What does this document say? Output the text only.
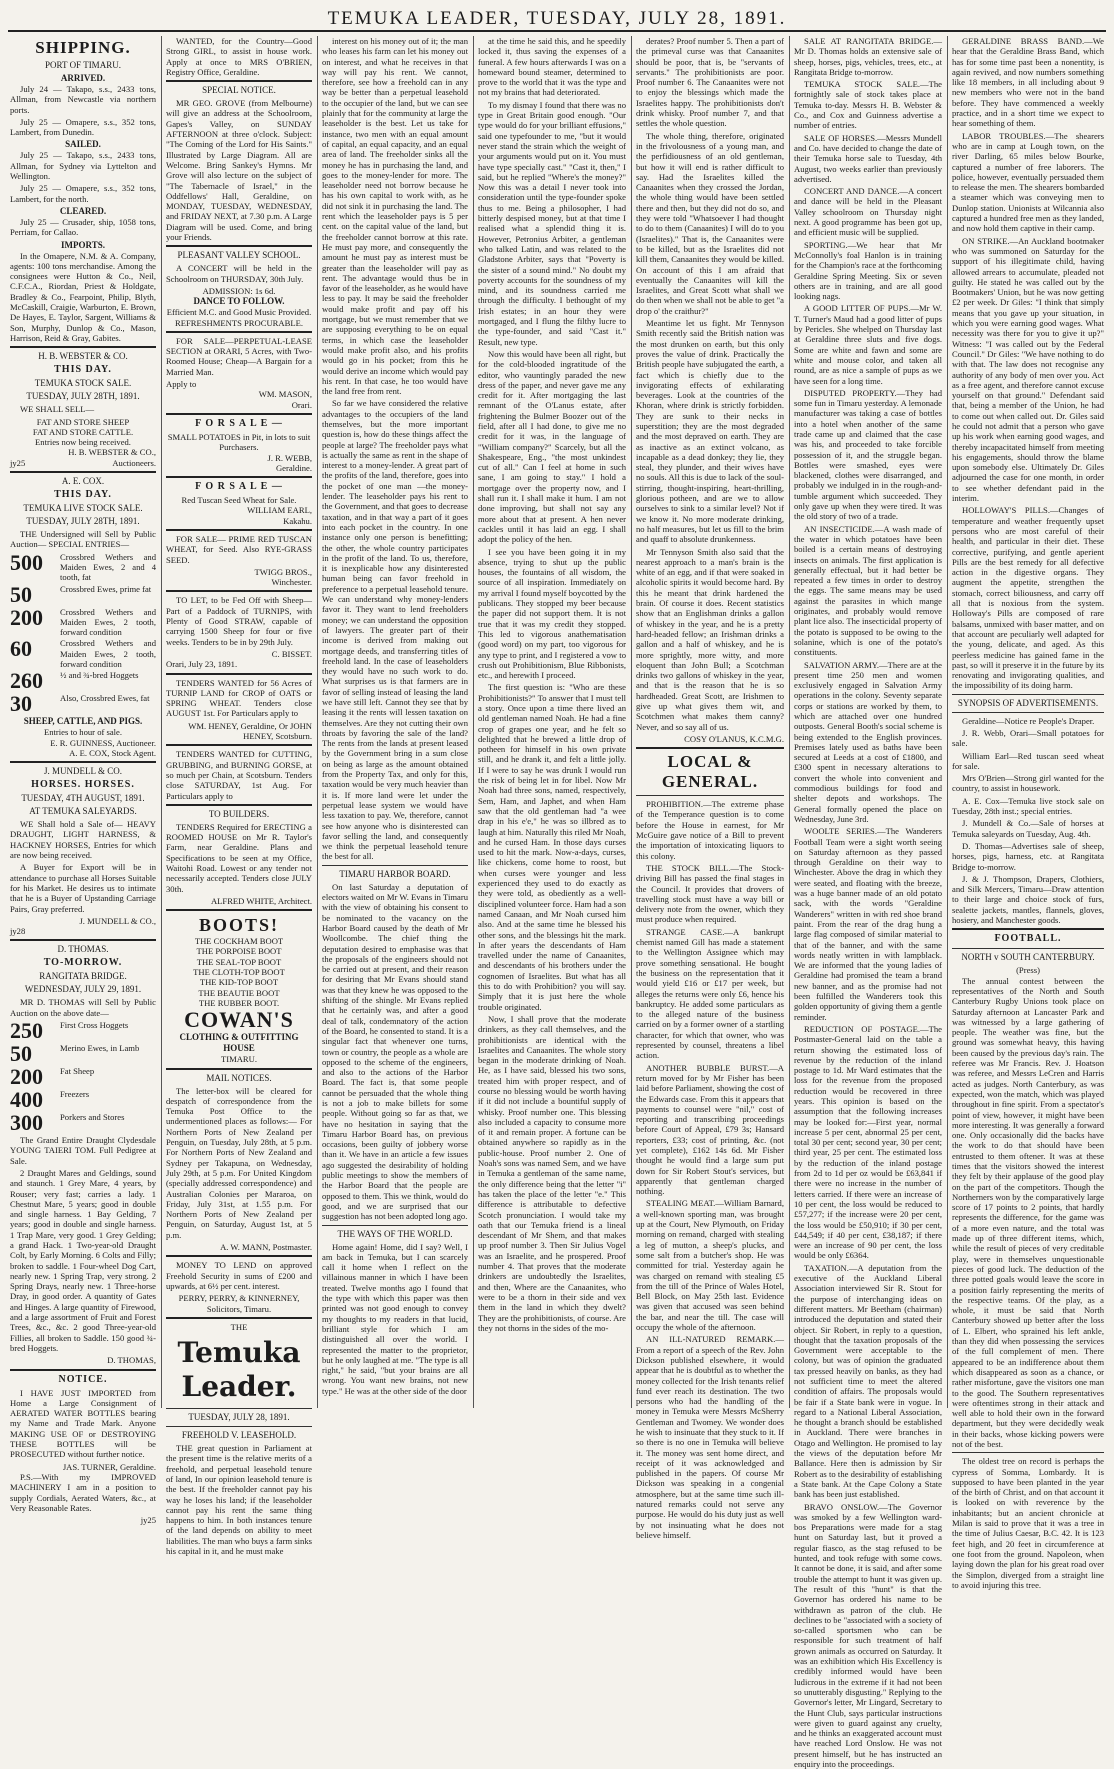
TEMUKA LEADER, TUESDAY, JULY 28, 1891.
SHIPPING.
PORT OF TIMARU.
ARRIVED.
July 24 — Takapo, s.s., 2433 tons, Allman, from Newcastle via northern ports.
July 25 — Omapere, s.s., 352 tons, Lambert, from Dunedin.
SAILED.
July 25 — Takapo, s.s., 2433 tons, Allman, for Sydney via Lyttelton and Wellington.
July 25 — Omapere, s.s., 352 tons, Lambert, for the north.
CLEARED.
July 25 — Crusader, ship, 1058 tons, Perriam, for Callao.
IMPORTS.
In the Omapere, N.M. & A. Company, agents: 100 tons merchandise. Among the consignees were Hutton & Co., Neil, C.F.C.A., Riordan, Priest & Holdgate, Bradley & Co., Fearpoint, Philip, Blyth, McCaskill, Craigie, Warburton, E. Brown, De Hayes, E. Taylor, Sargent, Williams & Son, Murphy, Dunlop & Co., Mason, Harrison, Reid & Gray, Gabites.
H. B. WEBSTER & CO.
THIS DAY.
TEMUKA STOCK SALE.
TUESDAY, JULY 28TH, 1891.
WE SHALL SELL—
FAT AND STORE SHEEP
FAT AND STORE CATTLE.
Entries now being received.
H. B. WEBSTER & CO.,
jy25	Auctioneers.
A. E. COX.
THIS DAY.
TEMUKA LIVE STOCK SALE.
TUESDAY, JULY 28TH, 1891.
THE Undersigned will Sell by Public Auction— SPECIAL ENTRIES—
500	Crossbred Wethers and Maiden Ewes, 2 and 4 tooth, fat
50	Crossbred Ewes, prime fat
200	Crossbred Wethers and Maiden Ewes, 2 tooth, forward condition
60	Crossbred Wethers and Maiden Ewes, 2 tooth, forward condition
260	½ and ¾-bred Hoggets
30	Also, Crossbred Ewes, fat
SHEEP, CATTLE, AND PIGS.
Entries to hour of sale.
E. R. GUINNESS, Auctioneer.
A. E. COX, Stock Agent.
J. MUNDELL & CO.
HORSES. HORSES.
TUESDAY, 4TH AUGUST, 1891.
AT TEMUKA SALEYARDS.
WE Shall hold a Sale of— HEAVY DRAUGHT, LIGHT HARNESS, & HACKNEY HORSES, Entries for which are now being received.
A Buyer for Export will be in attendance to purchase all Horses Suitable for his Market. He desires us to intimate that he is a Buyer of Upstanding Carriage Pairs, Gray preferred.
J. MUNDELL & CO.,
jy28
D. THOMAS.
TO-MORROW.
RANGITATA BRIDGE.
WEDNESDAY, JULY 29, 1891.
MR D. THOMAS will Sell by Public Auction on the above date—
250	First Cross Hoggets
50	Merino Ewes, in Lamb
200	Fat Sheep
400	Freezers
300	Porkers and Stores
The Grand Entire Draught Clydesdale YOUNG TAIERI TOM. Full Pedigree at Sale.
2 Draught Mares and Geldings, sound and staunch. 1 Grey Mare, 4 years, by Rouser; very fast; carries a lady. 1 Chestnut Mare, 5 years; good in double and single harness. 1 Bay Gelding, 7 years; good in double and single harness. 1 Trap Mare, very good. 1 Grey Gelding; a grand Hack. 1 Two-year-old Draught Colt, by Early Morning. 6 Colts and Filly; broken to saddle. 1 Four-wheel Dog Cart, nearly new. 1 Spring Trap, very strong. 2 Spring Drays, nearly new. 1 Three-horse Dray, in good order. A quantity of Gates and Hinges. A large quantity of Firewood, and a large assortment of Fruit and Forest Trees, &c., &c. 2 good Three-year-old Fillies, all broken to Saddle. 150 good ¾-bred Hoggets.
D. THOMAS,
NOTICE.
I HAVE JUST IMPORTED from Home a Large Consignment of AERATED WATER BOTTLES bearing my Name and Trade Mark. Anyone MAKING USE OF or DESTROYING THESE BOTTLES will be PROSECUTED without further notice.
JAS. TURNER, Geraldine.
P.S.—With my IMPROVED MACHINERY I am in a position to supply Cordials, Aerated Waters, &c., at Very Reasonable Rates.
jy25
WANTED, for the Country—Good Strong GIRL, to assist in house work. Apply at once to MRS O'BRIEN, Registry Office, Geraldine.
SPECIAL NOTICE.
MR GEO. GROVE (from Melbourne) will give an address at the Schoolroom, Gapes's Valley, on SUNDAY AFTERNOON at three o'clock. Subject: "The Coming of the Lord for His Saints." Illustrated by Large Diagram. All are Welcome. Bring Sankey's Hymns. Mr Grove will also lecture on the subject of "The Tabernacle of Israel," in the Oddfellows' Hall, Geraldine, on MONDAY, TUESDAY, WEDNESDAY, and FRIDAY NEXT, at 7.30 p.m. A Large Diagram will be used. Come, and bring your Friends.
PLEASANT VALLEY SCHOOL.
A CONCERT will be held in the Schoolroom on THURSDAY, 30th July.
ADMISSION: 1s 6d.
DANCE TO FOLLOW.
Efficient M.C. and Good Music Provided. REFRESHMENTS PROCURABLE.
FOR SALE—PERPETUAL-LEASE SECTION at ORARI, 5 Acres, with Two-Roomed House; Cheap—A Bargain for a Married Man.
Apply to
WM. MASON,
Orari.
F O R S A L E —
SMALL POTATOES in Pit, in lots to suit Purchasers.
J. R. WEBB,
Geraldine.
F O R S A L E —
Red Tuscan Seed Wheat for Sale.
WILLIAM EARL,
Kakahu.
FOR SALE— PRIME RED TUSCAN WHEAT, for Seed. Also RYE-GRASS SEED.
TWIGG BROS.,
Winchester.
TO LET, to be Fed Off with Sheep—Part of a Paddock of TURNIPS, with Plenty of Good STRAW, capable of carrying 1500 Sheep for four or five weeks. Tenders to be in by 29th July.
C. BISSET.
Orari, July 23, 1891.
TENDERS WANTED for 56 Acres of TURNIP LAND for CROP of OATS or SPRING WHEAT. Tenders close AUGUST 1st. For Particulars apply to
WM. HENEY, Geraldine, Or JOHN HENEY, Scotsburn.
TENDERS WANTED for CUTTING, GRUBBING, and BURNING GORSE, at so much per Chain, at Scotsburn. Tenders close SATURDAY, 1st Aug. For Particulars apply to
TO BUILDERS.
TENDERS Required for ERECTING a ROOMED HOUSE on Mr R. Taylor's Farm, near Geraldine. Plans and Specifications to be seen at my Office, Waitohi Road. Lowest or any tender not necessarily accepted. Tenders close JULY 30th.
ALFRED WHITE, Architect.
BOOTS!
THE COCKHAM BOOT
THE PORPOISE BOOT
THE SEAL-TOP BOOT
THE CLOTH-TOP BOOT
THE KID-TOP BOOT
THE BEAUTIE BOOT
THE RUBBER BOOT.
COWAN'S
CLOTHING & OUTFITTING HOUSE
TIMARU.
MAIL NOTICES.
The letter-box will be cleared for despatch of correspondence from the Temuka Post Office to the undermentioned places as follows:— For Northern Ports of New Zealand per Penguin, on Tuesday, July 28th, at 5 p.m. For Northern Ports of New Zealand and Sydney per Takapuna, on Wednesday, July 29th, at 5 p.m. For United Kingdom (specially addressed correspondence) and Australian Colonies per Mararoa, on Friday, July 31st, at 1.55 p.m. For Northern Ports of New Zealand per Penguin, on Saturday, August 1st, at 5 p.m.
A. W. MANN, Postmaster.
MONEY TO LEND on approved Freehold Security in sums of £200 and upwards, at 6½ per cent. interest.
PERRY, PERRY, & KINNERNEY, Solicitors, Timaru.
THE
Temuka Leader.
TUESDAY, JULY 28, 1891.
FREEHOLD V. LEASEHOLD.
THE great question in Parliament at the present time is the relative merits of a freehold, and perpetual leasehold tenure of land, In our opinion leasehold tenure is the best. If the freeholder cannot pay his way he loses his land; if the leaseholder cannot pay his rent the same thing happens to him. In both instances tenure of the land depends on ability to meet liabilities. The man who buys a farm sinks his capital in it, and he must make
interest on his money out of it; the man who leases his farm can let his money out on interest, and what he receives in that way will pay his rent. We cannot, therefore, see how a freehold can in any way be better than a perpetual leasehold to the occupier of the land, but we can see plainly that for the community at large the leaseholder is the best. Let us take for instance, two men with an equal amount of capital, an equal capacity, and an equal area of land. The freeholder sinks all the money he has in purchasing the land, and goes to the money-lender for more. The leaseholder need not borrow because he has his own capital to work with, as he did not sink it in purchasing the land. The rent which the leaseholder pays is 5 per cent. on the capital value of the land, but the freeholder cannot borrow at this rate. He must pay more, and consequently the amount he must pay as interest must be greater than the leaseholder will pay as rent. The advantage would thus be in favor of the leaseholder, as he would have less to pay. It may be said the freeholder would make profit and pay off his mortgage, but we must remember that we are supposing everything to be on equal terms, in which case the leaseholder would make profit also, and his profits would go in his pocket; from this he would derive an income which would pay his rent. In that case, he too would have the land free from rent.
So far we have considered the relative advantages to the occupiers of the land themselves, but the more important question is, how do these things affect the people at large? The freeholder pays what is actually the same as rent in the shape of interest to a money-lender. A great part of the profits of the land, therefore, goes into the pocket of one man —the money-lender. The leaseholder pays his rent to the Government, and that goes to decrease taxation, and in that way a part of it goes into each pocket in the country. In one instance only one person is benefitting; the other, the whole country participates in the profit of the land. To us, therefore, it is inexplicable how any disinterested human being can favor freehold in preference to a perpetual leasehold tenure. We can understand why money-lenders favor it. They want to lend freeholders money; we can understand the opposition of lawyers. The greater part of their income is derived from making out mortgage deeds, and transferring titles of freehold land. In the case of leaseholders they would have no such work to do. What surprises us is that farmers are in favor of selling instead of leasing the land we have still left. Cannot they see that by leasing it the rents will lessen taxation on themselves. Are they not cutting their own throats by favoring the sale of the land? The rents from the lands at present leased by the Government bring in a sum close on being as large as the amount obtained from the Property Tax, and only for this, taxation would be very much heavier than it is. If more land were let under the perpetual lease system we would have less taxation to pay. We, therefore, cannot see how anyone who is disinterested can favor selling the land, and consequently we think the perpetual leasehold tenure the best for all.
TIMARU HARBOR BOARD.
On last Saturday a deputation of electors waited on Mr W. Evans in Timaru with the view of obtaining his consent to be nominated to the vacancy on the Harbor Board caused by the death of Mr Woollcombe. The chief thing the deputation desired to emphasise was that the proposals of the engineers should not be carried out at present, and their reason for desiring that Mr Evans should stand was that they knew he was opposed to the shifting of the shingle. Mr Evans replied that he certainly was, and after a good deal of talk, condemnatory of the action of the Board, he consented to stand. It is a singular fact that whenever one turns, town or country, the people as a whole are opposed to the scheme of the engineers, and also to the actions of the Harbor Board. The fact is, that some people cannot be persuaded that the whole thing is not a job to make billets for some people. Without going so far as that, we have no hesitation in saying that the Timaru Harbor Board has, on previous occasions, been guilty of jobbery worse than it. We have in an article a few issues ago suggested the desirability of holding public meetings to show the members of the Harbor Board that the people are opposed to them. This we think, would do good, and we are surprised that our suggestion has not been adopted long ago.
THE WAYS OF THE WORLD.
Home again! Home, did I say? Well, I am back in Temuka, but I can scarcely call it home when I reflect on the villainous manner in which I have been treated. Twelve months ago I found that the type with which this paper was then printed was not good enough to convey my thoughts to my readers in that lucid, brilliant style for which I am distinguished all over the world. I represented the matter to the proprietor, but he only laughed at me. "The type is all right," he said, "but your brains are all wrong. You want new brains, not new type." He was at the other side of the door
at the time he said this, and he speedily locked it, thus saving the expenses of a funeral. A few hours afterwards I was on a homeward bound steamer, determined to prove to the world that it was the type and not my brains that had deteriorated.
To my dismay I found that there was no type in Great Britain good enough. "Our type would do for your brilliant effusions," said one typefounder to me, "but it would never stand the strain which the weight of your arguments would put on it. You must have type specially cast." "Cast it, then," I said, but he replied "Where's the money?" Now this was a detail I never took into consideration until the type-founder spoke thus to me. Being a philosopher, I had bitterly despised money, but at that time I realised what a splendid thing it is. However, Petronius Arbiter, a gentleman who talked Latin, and was related to the Gladstone Arbiter, says that "Poverty is the sister of a sound mind." No doubt my poverty accounts for the soundness of my mind, and its soundness carried me through the difficulty. I bethought of my Irish estates; in an hour they were mortgaged, and I flung the filthy lucre to the type-founder, and said "Cast it." Result, new type.
Now this would have been all right, but for the cold-blooded ingratitude of the editor, who vauntingly paraded the new dress of the paper, and never gave me any credit for it. After mortgaging the last remnant of the O'Lanus estate, after frightening the Bulmer Boozer out of the field, after all I had done, to give me no credit for it was, in the language of "William company?" Scarcely, but all the Shakespeare, Eng., "the most unkindest cut of all." Can I feel at home in such sane, I am going to stay." I hold a mortgage over the property now, and I shall run it. I shall make it hum. I am not done improving, but shall not say any more about that at present. A hen never cackles until it has laid an egg. I shall adopt the policy of the hen.
I see you have been going it in my absence, trying to shut up the public houses, the fountains of all wisdom, the source of all inspiration. Immediately on my arrival I found myself boycotted by the publicans. They stopped my beer because the paper did not support them. It is not true that it was my credit they stopped. This led to vigorous anathematisation (good word) on my part, too vigorous for any type to print, and I registered a vow to crush out Prohibitionism, Blue Ribbonists, etc., and herewith I proceed.
The first question is: "Who are these Prohibitionists?" To answer that I must tell a story. Once upon a time there lived an old gentleman named Noah. He had a fine crop of grapes one year, and he felt so delighted that he brewed a little drop of potheen for himself in his own private still, and he drank it, and felt a little jolly. If I were to say he was drunk I would run the risk of being let in for libel. Now Mr Noah had three sons, named, respectively, Sem, Ham, and Japhet, and when Ham saw that the old gentleman had "a wee drap in his e'e," he was so illbred as to laugh at him. Naturally this riled Mr Noah, and he cursed Ham. In those days curses used to hit the mark. Now-a-days, curses, like chickens, come home to roost, but when curses were younger and less experienced they used to do exactly as they were told, as obediently as a well-disciplined volunteer force. Ham had a son named Canaan, and Mr Noah cursed him also. And at the same time he blessed his other sons, and the blessings hit the mark. In after years the descendants of Ham travelled under the name of Canaanites, and descendants of his brothers under the cognomen of Israelites. But what has all this to do with Prohibition? you will say. Simply that it is just here the whole trouble originated.
Now, I shall prove that the moderate drinkers, as they call themselves, and the prohibitionists are identical with the Israelites and Canaanites. The whole story began in the moderate drinking of Noah. He, as I have said, blessed his two sons, treated him with proper respect, and of course no blessing would be worth having if it did not include a bountiful supply of whisky. Proof number one. This blessing also included a capacity to consume more of it and remain proper. A fortune can be obtained anywhere so rapidly as in the public-house. Proof number 2. One of Noah's sons was named Sem, and we have in Temuka a gentleman of the same name, the only difference being that the letter "i" has taken the place of the letter "e." This difference is attributable to defective Scotch pronunciation. I would take my oath that our Temuka friend is a lineal descendant of Mr Shem, and that makes up proof number 3. Then Sir Julius Vogel was an Israelite, and he prospered. Proof number 4. That proves that the moderate drinkers are undoubtedly the Israelites, and then, Where are the Canaanites, who were to be a thorn in their side and vex them in the land in which they dwelt? They are the prohibitionists, of course. Are they not thorns in the sides of the mo-
derates? Proof number 5. Then a part of the primeval curse was that Canaanites should be poor, that is, be "servants of servants." The prohibitionists are poor. Proof number 6. The Canaanites were not to enjoy the blessings which made the Israelites happy. The prohibitionists don't drink whisky. Proof number 7, and that settles the whole question.
The whole thing, therefore, originated in the frivolousness of a young man, and the perfidiousness of an old gentleman, but how it will end is rather difficult to say. Had the Israelites killed the Canaanites when they crossed the Jordan, the whole thing would have been settled there and then, but they did not do so, and they were told "Whatsoever I had thought to do to them (Canaanites) I will do to you (Israelites)." That is, the Canaanites were to be killed, but as the Israelites did not kill them, Canaanites they would be killed. On account of this I am afraid that eventually the Canaanites will kill the Israelites, and Great Scott what shall we do then when we shall not be able to get "a drop o' the craithur?"
Meantime let us fight. Mr Tennyson Smith recently said the British nation was the most drunken on earth, but this only proves the value of drink. Practically the British people have subjugated the earth, a fact which is chiefly due to the invigorating effects of exhilarating beverages. Look at the countries of the Khoran, where drink is strictly forbidden. They are sunk to their necks in superstition; they are the most degraded and the most depraved on earth. They are as inactive as an extinct volcano, as incapable as a dead donkey; they lie, they steal, they plunder, and their wives have no souls. All this is due to lack of the soul-stirring, thought-inspiring, heart-thrilling, glorious potheen, and are we to allow ourselves to sink to a similar level? Not if we know it. No more moderate drinking, no half measures, but let us fill to the brim and quaff to absolute drunkenness.
Mr Tennyson Smith also said that the nearest approach to a man's brain is the white of an egg, and if that were soaked in alcoholic spirits it would become hard. By this he meant that drink hardened the brain. Of course it does. Recent statistics show that an Englishman drinks a gallon of whiskey in the year, and he is a pretty hard-headed fellow; an Irishman drinks a gallon and a half of whiskey, and he is more sprightly, more witty, and more eloquent than John Bull; a Scotchman drinks two gallons of whiskey in the year, and that is the reason that he is so hardheaded. Great Scott, are Irishmen to give up what gives them wit, and Scotchmen what makes them canny? Never, and so say all of us.
COSY O'LANUS, K.C.M.G.
LOCAL & GENERAL.
PROHIBITION.—The extreme phase of the Temperance question is to come before the House in earnest, for Mr McGuire gave notice of a Bill to prevent the importation of intoxicating liquors to this colony.
THE STOCK BILL.—The Stock-driving Bill has passed the final stages in the Council. It provides that drovers of travelling stock must have a way bill or delivery note from the owner, which they must produce when required.
STRANGE CASE.—A bankrupt chemist named Gill has made a statement to the Wellington Assignee which may prove something sensational. He bought the business on the representation that it would yield £16 or £17 per week, but alleges the returns were only £6, hence his bankruptcy. He added some particulars as to the alleged nature of the business carried on by a former owner of a startling character, for which that owner, who was represented by counsel, threatens a libel action.
ANOTHER BUBBLE BURST.—A return moved for by Mr Fisher has been laid before Parliament, showing the cost of the Edwards case. From this it appears that payments to counsel were "nil," cost of reporting and transcribing proceedings before Court of Appeal, £79 3s; Hansard reporters, £33; cost of printing, &c. (not yet complete), £162 14s 6d. Mr Fisher thought he would find a large sum put down for Sir Robert Stout's services, but apparently that gentleman charged nothing.
STEALING MEAT.—William Barnard, a well-known sporting man, was brought up at the Court, New Plymouth, on Friday morning on remand, charged with stealing a leg of mutton, a sheep's plucks, and some salt from a butcher's shop. He was committed for trial. Yesterday again he was charged on remand with stealing £5 from the till of the Prince of Wales Hotel, Bell Block, on May 25th last. Evidence was given that accused was seen behind the bar, and near the till. The case will occupy the whole of the afternoon.
AN ILL-NATURED REMARK.—From a report of a speech of the Rev. John Dickson published elsewhere, it would appear that he is doubtful as to whether the money collected for the Irish tenants relief fund ever reach its destination. The two persons who had the handling of the money in Temuka were Messrs McSherry Gentleman and Twomey. We wonder does he wish to insinuate that they stuck to it. If so there is no one in Temuka will believe it. The money was sent home direct, and receipt of it was acknowledged and published in the papers. Of course Mr Dickson was speaking in a congenial atmosphere, but at the same time such ill-natured remarks could not serve any purpose. He would do his duty just as well by not insinuating what he does not believe himself.
SALE AT RANGITATA BRIDGE.—Mr D. Thomas holds an extensive sale of sheep, horses, pigs, vehicles, trees, etc., at Rangitata Bridge to-morrow.
TEMUKA STOCK SALE.—The fortnightly sale of stock takes place at Temuka to-day. Messrs H. B. Webster & Co., and Cox and Guinness advertise a number of entries.
SALE OF HORSES.—Messrs Mundell and Co. have decided to change the date of their Temuka horse sale to Tuesday, 4th August, two weeks earlier than previously advertised.
CONCERT AND DANCE.—A concert and dance will be held in the Pleasant Valley schoolroom on Thursday night next. A good programme has been got up, and efficient music will be supplied.
SPORTING.—We hear that Mr McConnolly's foal Hanlon is in training for the Champion's race at the forthcoming Geraldine Spring Meeting. Six or seven others are in training, and are all good looking nags.
A GOOD LITTER OF PUPS.—Mr W. T. Turner's Maud had a good litter of pups by Pericles. She whelped on Thursday last at Geraldine three sluts and five dogs. Some are white and fawn and some are white and mouse color, and taken all round, are as nice a sample of pups as we have seen for a long time.
DISPUTED PROPERTY.—They had some fun in Timaru yesterday. A lemonade manufacturer was taking a case of bottles into a hotel when another of the same trade came up and claimed that the case was his, and proceeded to take forcible possession of it, and the struggle began. Bottles were smashed, eyes were blackened, clothes were disarranged, and probably we indulged in in the rough-and-tumble argument which succeeded. They only gave up when they were tired. It was the old story of two of a trade.
AN INSECTICIDE.—A wash made of the water in which potatoes have been boiled is a certain means of destroying insects on animals. The first application is generally effectual, but it had better be repeated a few times in order to destroy the eggs. The same means may be used against the parasites in which mange originates, and probably would remove plant lice also. The insecticidal property of the potato is supposed to be owing to the solanine, which is one of the potato's constituents.
SALVATION ARMY.—There are at the present time 250 men and women exclusively engaged in Salvation Army operations in the colony. Seventy separate corps or stations are worked by them, to which are attached over one hundred outposts. General Booth's social scheme is being extended to the English provinces. Premises lately used as baths have been secured at Leeds at a cost of £1800, and £300 spent in necessary alterations to convert the whole into convenient and commodious buildings for food and shelter depots and workshops. The General formally opened the place on Wednesday, June 3rd.
WOOLTE SERIES.—The Wanderers Football Team were a sight worth seeing on Saturday afternoon as they passed through Geraldine on their way to Winchester. Above the drag in which they were seated, and floating with the breeze, was a huge banner made of an old potato sack, with the words "Geraldine Wanderers" written in with red shoe brand paint. From the rear of the drag hung a large flag composed of similar material to that of the banner, and with the same words neatly written in with lampblack. We are informed that the young ladies of Geraldine had promised the team a brand new banner, and as the promise had not been fulfilled the Wanderers took this golden opportunity of giving them a gentle reminder.
REDUCTION OF POSTAGE.—The Postmaster-General laid on the table a return showing the estimated loss of revenue by the reduction of the inland postage to 1d. Mr Ward estimates that the loss for the revenue from the proposed reduction would be recovered in three years. This opinion is based on the assumption that the following increases may be looked for:—First year, normal increase 5 per cent, abnormal 25 per cent, total 30 per cent; second year, 30 per cent; third year, 25 per cent. The estimated loss by the reduction of the inland postage from 2d to 1d per oz would be £63,841 if there were no increase in the number of letters carried. If there were an increase of 10 per cent, the loss would be reduced to £57,277; if the increase were 20 per cent, the loss would be £50,910; if 30 per cent, £44,549; if 40 per cent, £38,187; if there were an increase of 90 per cent, the loss would be only £6364.
TAXATION.—A deputation from the executive of the Auckland Liberal Association interviewed Sir R. Stout for the purpose of interchanging ideas on different matters. Mr Beetham (chairman) introduced the deputation and stated their object. Sir Robert, in reply to a question, thought that the taxation proposals of the Government were acceptable to the colony, but was of opinion the graduated tax pressed heavily on banks, as they had not sufficient time to meet the altered condition of affairs. The proposals would be fair if a State bank were in vogue. In regard to a National Liberal Association, he thought a branch should be established in Auckland. There were branches in Otago and Wellington. He promised to lay the views of the deputation before Mr Ballance. Here then is admission by Sir Robert as to the desirability of establishing a State bank. At the Cape Colony a State bank has been just established.
BRAVO ONSLOW.—The Governor was smoked by a few Wellington ward-bos Preparations were made for a stag hunt on Saturday last, but it proved a regular fiasco, as the stag refused to be hunted, and took refuge with some cows. It cannot be done, it is said, and after some trouble the attempt to hunt it was given up. The result of this "hunt" is that the Governor has ordered his name to be withdrawn as patron of the club. He declines to be "associated with a society of so-called sportsmen who can be responsible for such treatment of half grown animals as occurred on Saturday. It was an exhibition which His Excellency is credibly informed would have been ludicrous in the extreme if it had not been so unutterably disgusting." Replying to the Governor's letter, Mr Lingard, Secretary to the Hunt Club, says particular instructions were given to guard against any cruelty, and he thinks an exaggerated account must have reached Lord Onslow. He was not present himself, but he has instructed an enquiry into the proceedings.
GERALDINE BRASS BAND.—We hear that the Geraldine Brass Band, which has for some time past been a nonentity, is again revived, and now numbers something like 18 members, in all including about 9 new members who were not in the band before. They have commenced a weekly practice, and in a short time we expect to hear something of them.
LABOR TROUBLES.—The shearers who are in camp at Lough town, on the river Darling, 65 miles below Bourke, captured a number of free laborers. The police, however, eventually persuaded them to release the men. The shearers bombarded a steamer which was conveying men to Dunlop station. Unionists at Wilcannia also captured a hundred free men as they landed, and now hold them captive in their camp.
ON STRIKE.—An Auckland bootmaker who was summoned on Saturday for the support of his illegitimate child, having allowed arrears to accumulate, pleaded not guilty. He stated he was called out by the Bootmakers' Union, but he was now getting £2 per week. Dr Giles: "I think that simply means that you gave up your situation, in which you were earning good wages. What necessity was there for you to give it up?" Witness: "I was called out by the Federal Council." Dr Giles: "We have nothing to do with that. The law does not recognise any authority of any body of men over you. Act as a free agent, and therefore cannot excuse yourself on that ground." Defendant said that, being a member of the Union, he had to come out when called out. Dr. Giles said he could not admit that a person who gave up his work when earning good wages, and thereby incapacitated himself from meeting his engagements, should throw the blame upon somebody else. Ultimately Dr. Giles adjourned the case for one month, in order to see whether defendant paid in the interim.
HOLLOWAY'S PILLS.—Changes of temperature and weather frequently upset persons who are most careful of their health, and particular in their diet. These corrective, purifying, and gentle aperient Pills are the best remedy for all defective action in the digestive organs. They augment the appetite, strengthen the stomach, correct biliousness, and carry off all that is noxious from the system. Holloway's Pills are composed of rare balsams, unmixed with baser matter, and on that account are peculiarly well adapted for the young, delicate, and aged. As this peerless medicine has gained fame in the past, so will it preserve it in the future by its renovating and invigorating qualities, and the impossibility of its doing harm.
SYNOPSIS OF ADVERTISEMENTS.
Geraldine—Notice re People's Draper.
J. R. Webb, Orari—Small potatoes for sale.
William Earl—Red tuscan seed wheat for sale.
Mrs O'Brien—Strong girl wanted for the country, to assist in housework.
A. E. Cox—Temuka live stock sale on Tuesday, 28th inst.; special entries.
J. Mundell & Co.—Sale of horses at Temuka saleyards on Tuesday, Aug. 4th.
D. Thomas—Advertises sale of sheep, horses, pigs, harness, etc. at Rangitata Bridge to-morrow.
J. & J. Thompson, Drapers, Clothiers, and Silk Mercers, Timaru—Draw attention to their large and choice stock of furs, sealette jackets, mantles, flannels, gloves, hosiery, and Manchester goods.
FOOTBALL.
NORTH v SOUTH CANTERBURY.
(Press)
The annual contest between the representatives of the North and South Canterbury Rugby Unions took place on Saturday afternoon at Lancaster Park and was witnessed by a large gathering of people. The weather was fine, but the ground was somewhat heavy, this having been caused by the previous day's rain. The referee was Mr Francis. Rev. J. Hoatson was referee, and Messrs LeCren and Harris acted as judges. North Canterbury, as was expected, won the match, which was played throughout in fine spirit. From a spectator's point of view, however, it might have been more interesting. It was generally a forward one. Only occasionally did the backs have the work to do that should have been entrusted to them oftener. It was at these times that the visitors showed the interest they felt by their applause of the good play on the part of the competitors. Though the Northerners won by the comparatively large score of 17 points to 2 points, that hardly represents the difference, for the game was of a more even nature, and the total was made up of three different items, which, while the result of pieces of very creditable play, were in themselves unquestionable pieces of good luck. The deduction of the three potted goals would leave the score in a position fairly representing the merits of the respective teams. Of the play, as a whole, it must be said that North Canterbury showed up better after the loss of L. Elbert, who sprained his left ankle, than they did when possessing the services of the full complement of men. There appeared to be an indifference about them which disappeared as soon as a chance, or rather misfortune, gave the visitors one man to the good. The Southern representatives were oftentimes strong in their attack and well able to hold their own in the forward department, but they were decidedly weak in their backs, whose kicking powers were not of the best.
The oldest tree on record is perhaps the cypress of Somma, Lombardy. It is supposed to have been planted in the year of the birth of Christ, and on that account it is looked on with reverence by the inhabitants; but an ancient chronicle at Milan is said to prove that it was a tree in the time of Julius Caesar, B.C. 42. It is 123 feet high, and 20 feet in circumference at one foot from the ground. Napoleon, when laying down the plan for his great road over the Simplon, diverged from a straight line to avoid injuring this tree.
